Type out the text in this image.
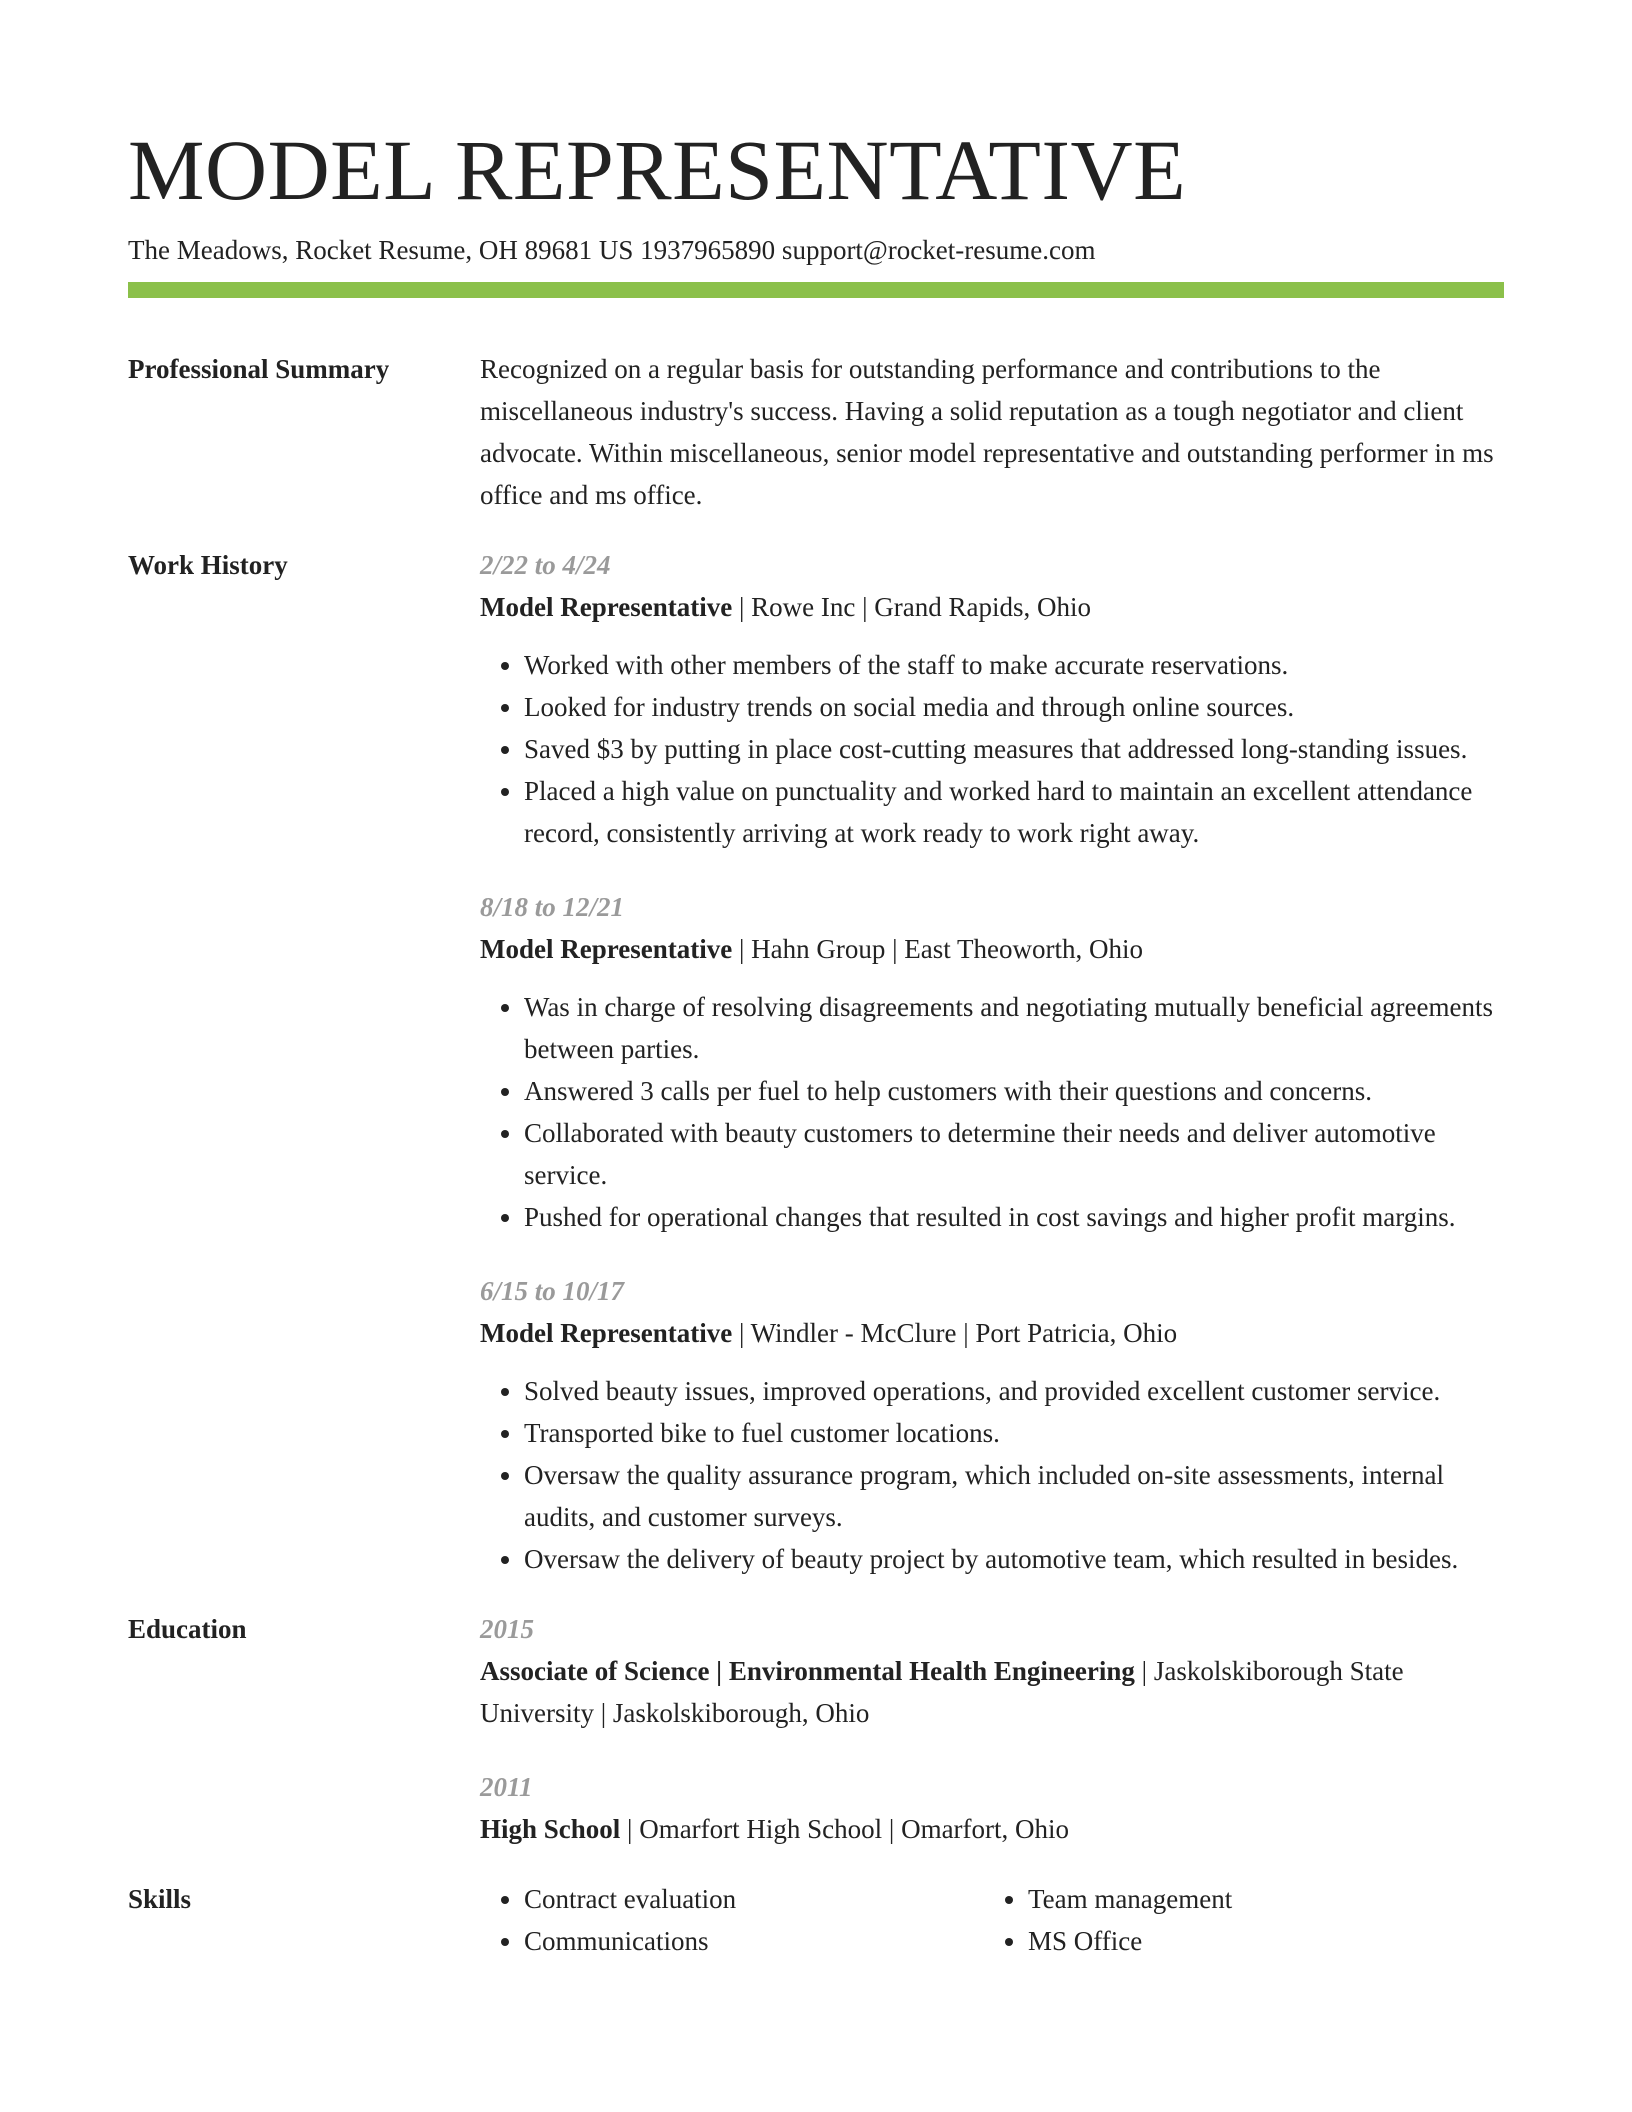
MODEL REPRESENTATIVE
The Meadows, Rocket Resume, OH 89681 US 1937965890 support@rocket-resume.com
Professional Summary	Recognized on a regular basis for outstanding performance and contributions to the miscellaneous industry's success. Having a solid reputation as a tough negotiator and client advocate. Within miscellaneous, senior model representative and outstanding performer in ms office and ms office.
Work History	2/22 to 4/24
Model Representative | Rowe Inc | Grand Rapids, Ohio
• Worked with other members of the staff to make accurate reservations.
• Looked for industry trends on social media and through online sources.
• Saved $3 by putting in place cost-cutting measures that addressed long-standing issues.
• Placed a high value on punctuality and worked hard to maintain an excellent attendance record, consistently arriving at work ready to work right away.
8/18 to 12/21
Model Representative | Hahn Group | East Theoworth, Ohio
• Was in charge of resolving disagreements and negotiating mutually beneficial agreements between parties.
• Answered 3 calls per fuel to help customers with their questions and concerns.
• Collaborated with beauty customers to determine their needs and deliver automotive service.
• Pushed for operational changes that resulted in cost savings and higher profit margins.
6/15 to 10/17
Model Representative | Windler - McClure | Port Patricia, Ohio
• Solved beauty issues, improved operations, and provided excellent customer service.
• Transported bike to fuel customer locations.
• Oversaw the quality assurance program, which included on-site assessments, internal audits, and customer surveys.
• Oversaw the delivery of beauty project by automotive team, which resulted in besides.
Education	2015
Associate of Science | Environmental Health Engineering | Jaskolskiborough State University | Jaskolskiborough, Ohio
2011
High School | Omarfort High School | Omarfort, Ohio
Skills
•	Contract evaluation
• Communications
• Team management
• MS Office
